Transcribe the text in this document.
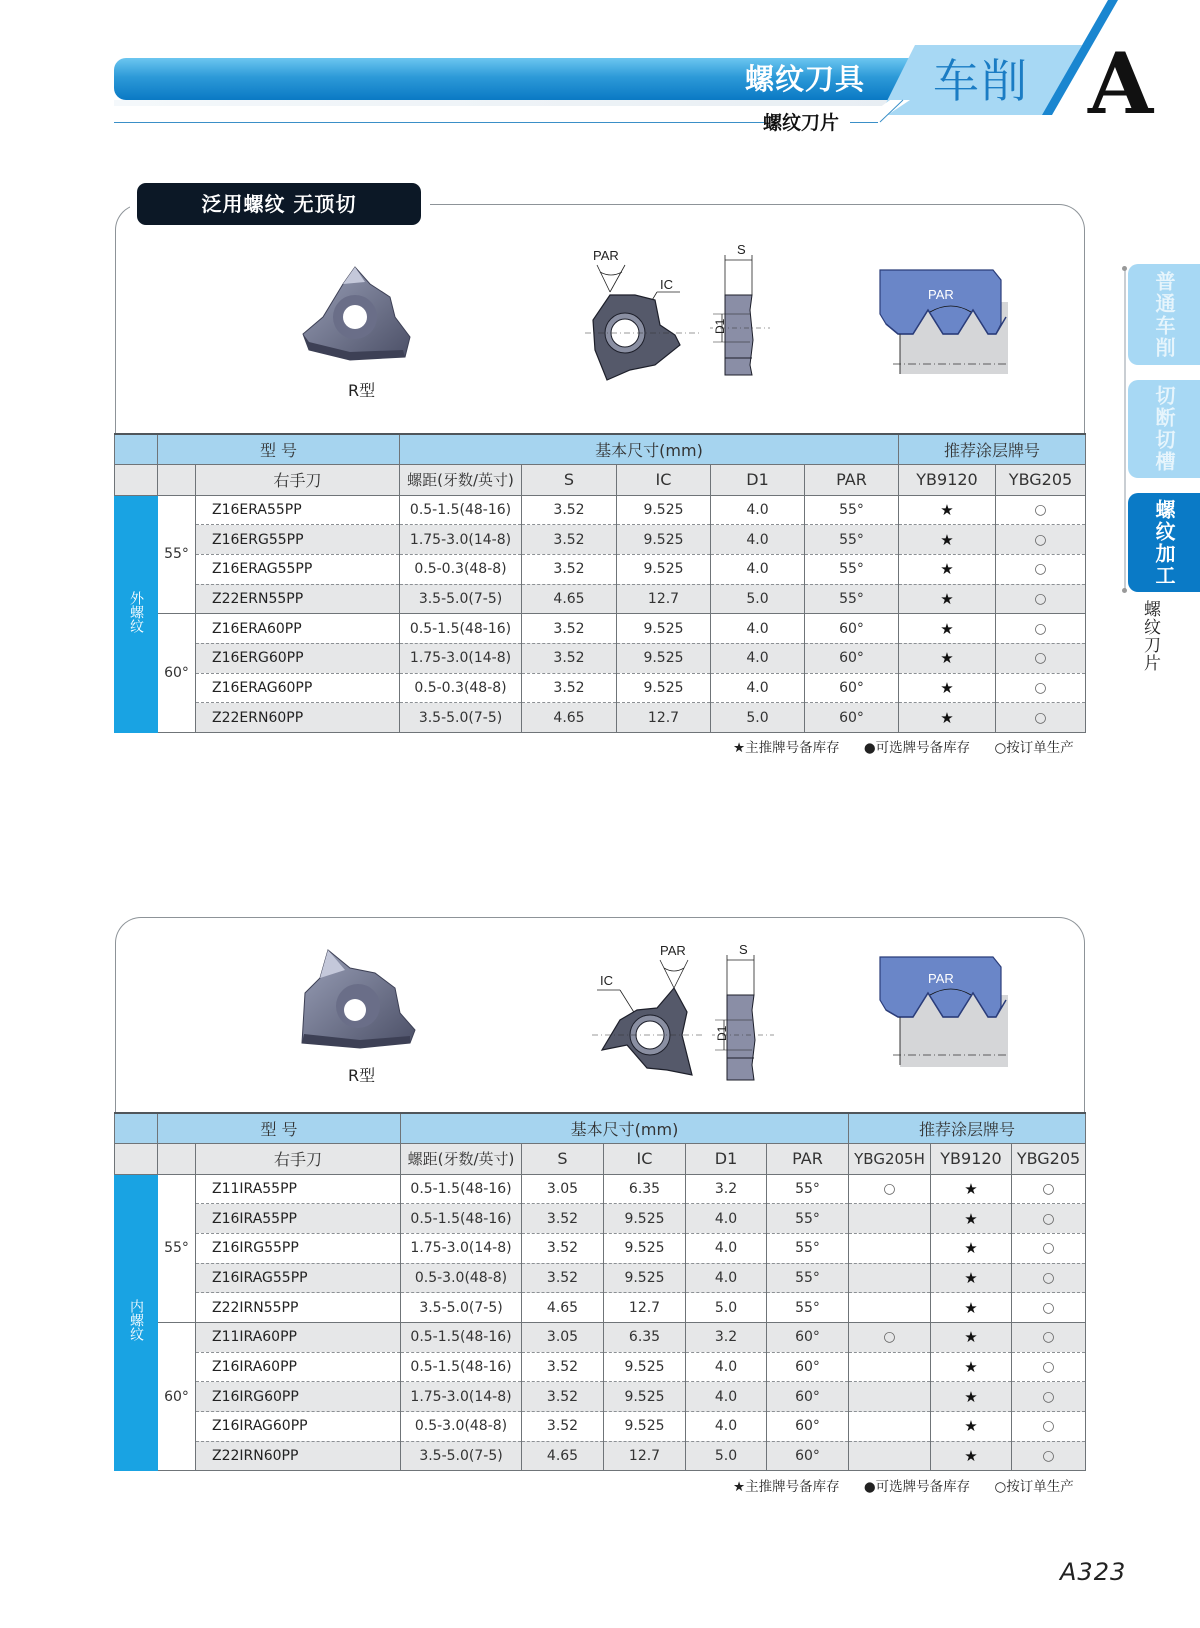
螺纹刀具
螺纹刀片
车削 A
普通车削
切断切槽
螺纹加工
螺纹刀片
泛用螺纹 无顶切
R型
PAR
IC
S
D1
PAR
	型 号		基本尺寸(mm)					推荐涂层牌号	
		右手刀	螺距(牙数/英寸)	S	IC	D1	PAR	YB9120	YBG205
外螺纹	55°	Z16ERA55PP	0.5-1.5(48-16)	3.52	9.525	4.0	55°	★	○
		Z16ERG55PP	1.75-3.0(14-8)	3.52	9.525	4.0	55°	★	○
		Z16ERAG55PP	0.5-0.3(48-8)	3.52	9.525	4.0	55°	★	○
		Z22ERN55PP	3.5-5.0(7-5)	4.65	12.7	5.0	55°	★	○
	60°	Z16ERA60PP	0.5-1.5(48-16)	3.52	9.525	4.0	60°	★	○
		Z16ERG60PP	1.75-3.0(14-8)	3.52	9.525	4.0	60°	★	○
		Z16ERAG60PP	0.5-0.3(48-8)	3.52	9.525	4.0	60°	★	○
		Z22ERN60PP	3.5-5.0(7-5)	4.65	12.7	5.0	60°	★	○
★主推牌号备库存 ●可选牌号备库存 ○按订单生产
R型
PAR
IC
S
D1
PAR
	型 号		基本尺寸(mm)					推荐涂层牌号		
		右手刀	螺距(牙数/英寸)	S	IC	D1	PAR	YBG205H	YB9120	YBG205
内螺纹	55°	Z11IRA55PP	0.5-1.5(48-16)	3.05	6.35	3.2	55°	○	★	○
		Z16IRA55PP	0.5-1.5(48-16)	3.52	9.525	4.0	55°		★	○
		Z16IRG55PP	1.75-3.0(14-8)	3.52	9.525	4.0	55°		★	○
		Z16IRAG55PP	0.5-3.0(48-8)	3.52	9.525	4.0	55°		★	○
		Z22IRN55PP	3.5-5.0(7-5)	4.65	12.7	5.0	55°		★	○
	60°	Z11IRA60PP	0.5-1.5(48-16)	3.05	6.35	3.2	60°	○	★	○
		Z16IRA60PP	0.5-1.5(48-16)	3.52	9.525	4.0	60°		★	○
		Z16IRG60PP	1.75-3.0(14-8)	3.52	9.525	4.0	60°		★	○
		Z16IRAG60PP	0.5-3.0(48-8)	3.52	9.525	4.0	60°		★	○
		Z22IRN60PP	3.5-5.0(7-5)	4.65	12.7	5.0	60°		★	○
★主推牌号备库存 ●可选牌号备库存 ○按订单生产
A323
